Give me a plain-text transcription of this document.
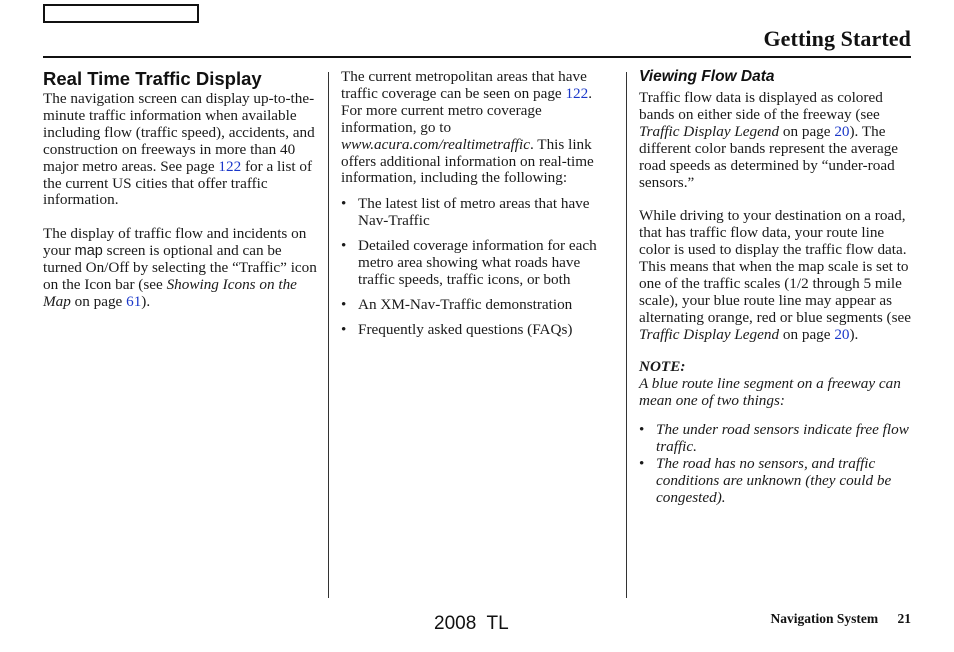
Getting Started
Real Time Traffic Display

The navigation screen can display up-to-the-minute traffic information when available including flow (traffic speed), accidents, and construction on freeways in more than 40 major metro areas. See page 122 for a list of the current US cities that offer traffic information.

The display of traffic flow and incidents on your map screen is optional and can be turned On/Off by selecting the “Traffic” icon on the Icon bar (see Showing Icons on the Map on page 61).

The current metropolitan areas that have traffic coverage can be seen on page 122. For more current metro coverage information, go to www.acura.com/realtimetraffic. This link offers additional information on real-time information, including the following:

• The latest list of metro areas that have Nav-Traffic
• Detailed coverage information for each metro area showing what roads have traffic speeds, traffic icons, or both
• An XM-Nav-Traffic demonstration
• Frequently asked questions (FAQs)
Viewing Flow Data

Traffic flow data is displayed as colored bands on either side of the freeway (see Traffic Display Legend on page 20). The different color bands represent the average road speeds as determined by “under-road sensors.”

While driving to your destination on a road, that has traffic flow data, your route line color is used to display the traffic flow data. This means that when the map scale is set to one of the traffic scales (1/2 through 5 mile scale), your blue route line may appear as alternating orange, red or blue segments (see Traffic Display Legend on page 20).

NOTE:

A blue route line segment on a freeway can mean one of two things:

• The under road sensors indicate free flow traffic.
• The road has no sensors, and traffic conditions are unknown (they could be congested).
Navigation System 21
2008  TL
